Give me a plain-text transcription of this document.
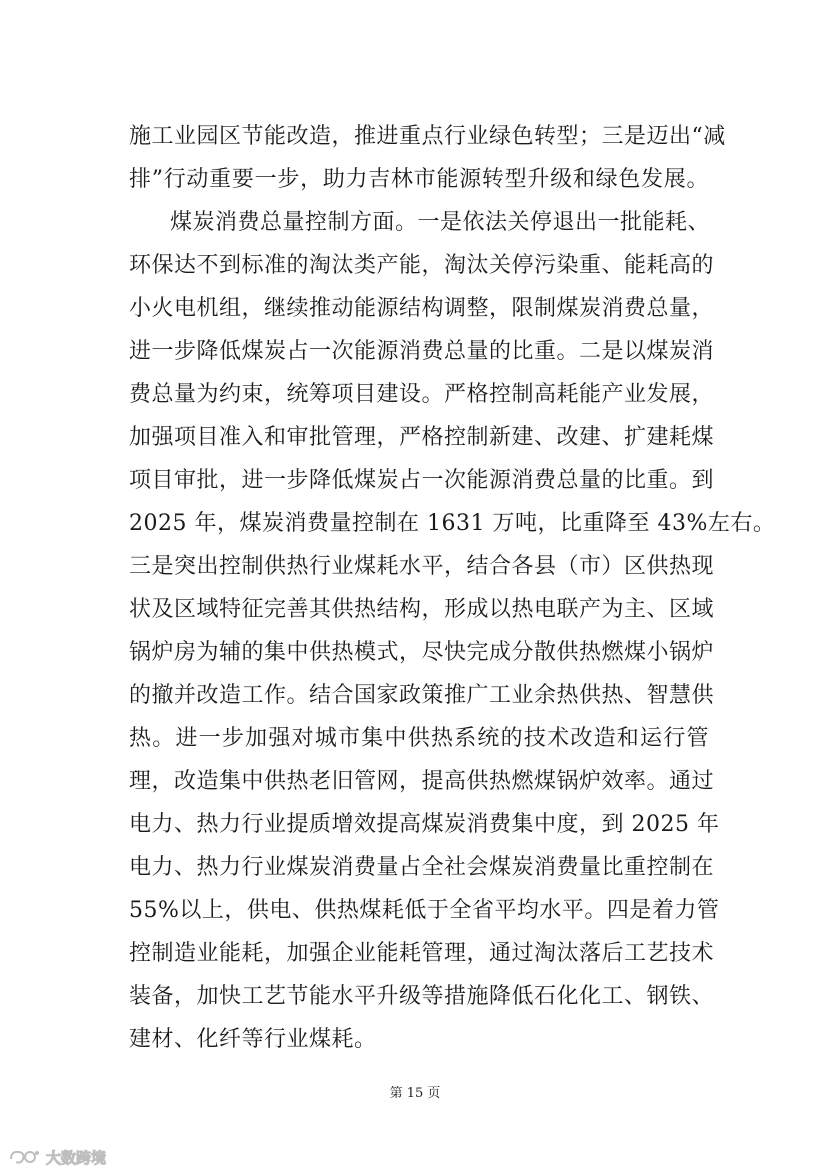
施工业园区节能改造，推进重点行业绿色转型；三是迈出“减
排”行动重要一步，助力吉林市能源转型升级和绿色发展。
煤炭消费总量控制方面。一是依法关停退出一批能耗、
环保达不到标准的淘汰类产能，淘汰关停污染重、能耗高的
小火电机组，继续推动能源结构调整，限制煤炭消费总量，
进一步降低煤炭占一次能源消费总量的比重。二是以煤炭消
费总量为约束，统筹项目建设。严格控制高耗能产业发展，
加强项目准入和审批管理，严格控制新建、改建、扩建耗煤
项目审批，进一步降低煤炭占一次能源消费总量的比重。到
2025 年，煤炭消费量控制在 1631 万吨，比重降至 43%左右。
三是突出控制供热行业煤耗水平，结合各县（市）区供热现
状及区域特征完善其供热结构，形成以热电联产为主、区域
锅炉房为辅的集中供热模式，尽快完成分散供热燃煤小锅炉
的撤并改造工作。结合国家政策推广工业余热供热、智慧供
热。进一步加强对城市集中供热系统的技术改造和运行管
理，改造集中供热老旧管网，提高供热燃煤锅炉效率。通过
电力、热力行业提质增效提高煤炭消费集中度，到 2025 年
电力、热力行业煤炭消费量占全社会煤炭消费量比重控制在
55%以上，供电、供热煤耗低于全省平均水平。四是着力管
控制造业能耗，加强企业能耗管理，通过淘汰落后工艺技术
装备，加快工艺节能水平升级等措施降低石化化工、钢铁、
建材、化纤等行业煤耗。
第 15 页
大数跨境
